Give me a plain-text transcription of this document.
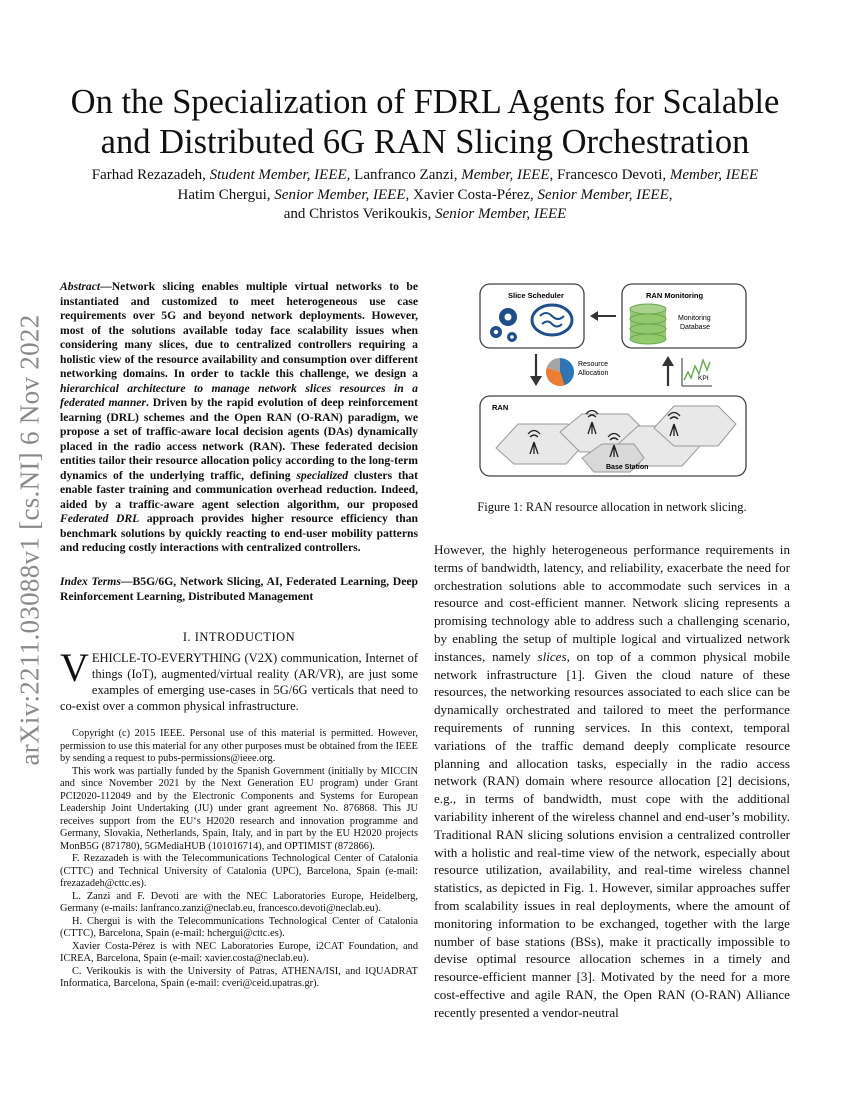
arXiv:2211.03088v1 [cs.NI] 6 Nov 2022
On the Specialization of FDRL Agents for Scalable
and Distributed 6G RAN Slicing Orchestration
Farhad Rezazadeh, Student Member, IEEE, Lanfranco Zanzi, Member, IEEE, Francesco Devoti, Member, IEEE
Hatim Chergui, Senior Member, IEEE, Xavier Costa-Pérez, Senior Member, IEEE,
and Christos Verikoukis, Senior Member, IEEE

Abstract—Network slicing enables multiple virtual networks to be instantiated and customized to meet heterogeneous use case requirements over 5G and beyond network deployments. However, most of the solutions available today face scalability issues when considering many slices, due to centralized controllers requiring a holistic view of the resource availability and consumption over different networking domains. In order to tackle this challenge, we design a hierarchical architecture to manage network slices resources in a federated manner. Driven by the rapid evolution of deep reinforcement learning (DRL) schemes and the Open RAN (O-RAN) paradigm, we propose a set of traffic-aware local decision agents (DAs) dynamically placed in the radio access network (RAN). These federated decision entities tailor their resource allocation policy according to the long-term dynamics of the underlying traffic, defining specialized clusters that enable faster training and communication overhead reduction. Indeed, aided by a traffic-aware agent selection algorithm, our proposed Federated DRL approach provides higher resource efficiency than benchmark solutions by quickly reacting to end-user mobility patterns and reducing costly interactions with centralized controllers.

Index Terms—B5G/6G, Network Slicing, AI, Federated Learning, Deep Reinforcement Learning, Distributed Management

I. INTRODUCTION

VEHICLE-TO-EVERYTHING (V2X) communication, Internet of things (IoT), augmented/virtual reality (AR/VR), are just some examples of emerging use-cases in 5G/6G verticals that need to co-exist over a common physical infrastructure.

Copyright (c) 2015 IEEE. Personal use of this material is permitted. However, permission to use this material for any other purposes must be obtained from the IEEE by sending a request to pubs-permissions@ieee.org.

This work was partially funded by the Spanish Government (initially by MICCIN and since November 2021 by the Next Generation EU program) under Grant PCI2020-112049 and by the Electronic Components and Systems for European Leadership Joint Undertaking (JU) under grant agreement No. 876868. This JU receives support from the EU‘s H2020 research and innovation programme and Germany, Slovakia, Netherlands, Spain, Italy, and in part by the EU H2020 projects MonB5G (871780), 5GMediaHUB (101016714), and OPTIMIST (872866).

F. Rezazadeh is with the Telecommunications Technological Center of Catalonia (CTTC) and Technical University of Catalonia (UPC), Barcelona, Spain (e-mail: frezazadeh@cttc.es).

L. Zanzi and F. Devoti are with the NEC Laboratories Europe, Heidelberg, Germany (e-mails: lanfranco.zanzi@neclab.eu, francesco.devoti@neclab.eu).

H. Chergui is with the Telecommunications Technological Center of Catalonia (CTTC), Barcelona, Spain (e-mail: hchergui@cttc.es).

Xavier Costa-Pérez is with NEC Laboratories Europe, i2CAT Foundation, and ICREA, Barcelona, Spain (e-mail: xavier.costa@neclab.eu).

C. Verikoukis is with the University of Patras, ATHENA/ISI, and IQUADRAT Informatica, Barcelona, Spain (e-mail: cveri@ceid.upatras.gr).

Slice Scheduler	RAN Monitoring
Monitoring
Database
Resource
Allocation
KPI
RAN
Base Station
Figure 1: RAN resource allocation in network slicing.

However, the highly heterogeneous performance requirements in terms of bandwidth, latency, and reliability, exacerbate the need for orchestration solutions able to accommodate such services in a resource and cost-efficient manner. Network slicing represents a promising technology able to address such a challenging scenario, by enabling the setup of multiple logical and virtualized network instances, namely slices, on top of a common physical mobile network infrastructure [1]. Given the cloud nature of these resources, the networking resources associated to each slice can be dynamically orchestrated and tailored to meet the performance requirements of running services. In this context, temporal variations of the traffic demand deeply complicate resource planning and allocation tasks, especially in the radio access network (RAN) domain where resource allocation [2] decisions, e.g., in terms of bandwidth, must cope with the additional variability inherent of the wireless channel and end-user’s mobility. Traditional RAN slicing solutions envision a centralized controller with a holistic and real-time view of the network, especially about resource utilization, availability, and real-time wireless channel statistics, as depicted in Fig. 1. However, similar approaches suffer from scalability issues in real deployments, where the amount of monitoring information to be exchanged, together with the large number of base stations (BSs), make it practically impossible to devise optimal resource allocation schemes in a timely and resource-efficient manner [3]. Motivated by the need for a more cost-effective and agile RAN, the Open RAN (O-RAN) Alliance recently presented a vendor-neutral
